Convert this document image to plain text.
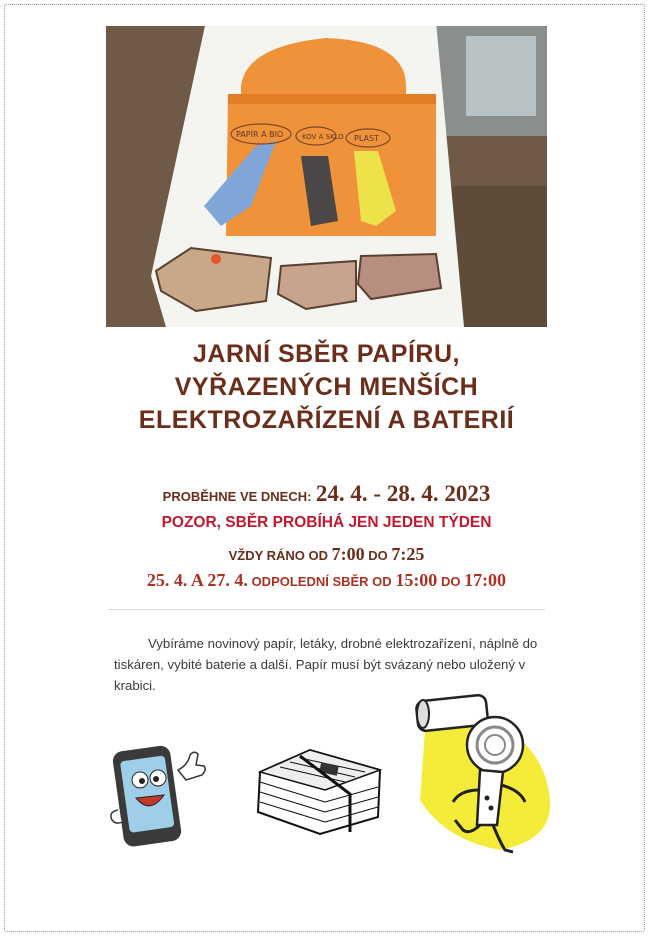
PAPÍR A BIO	KOV A SKLO PLAST
JARNÍ SBĚR PAPÍRU,
VYŘAZENÝCH MENŠÍCH
ELEKTROZAŘÍZENÍ A BATERIÍ
PROBĚHNE VE DNECH: 24. 4. - 28. 4. 2023
POZOR, SBĚR PROBÍHÁ JEN JEDEN TÝDEN
VŽDY RÁNO OD 7:00 DO 7:25
25. 4. A 27. 4. ODPOLEDNÍ SBĚR OD 15:00 DO 17:00
Vybíráme novinový papír, letáky, drobné elektrozařízení, náplně do tiskáren, vybité baterie a další. Papír musí být svázaný nebo uložený v krabici.
